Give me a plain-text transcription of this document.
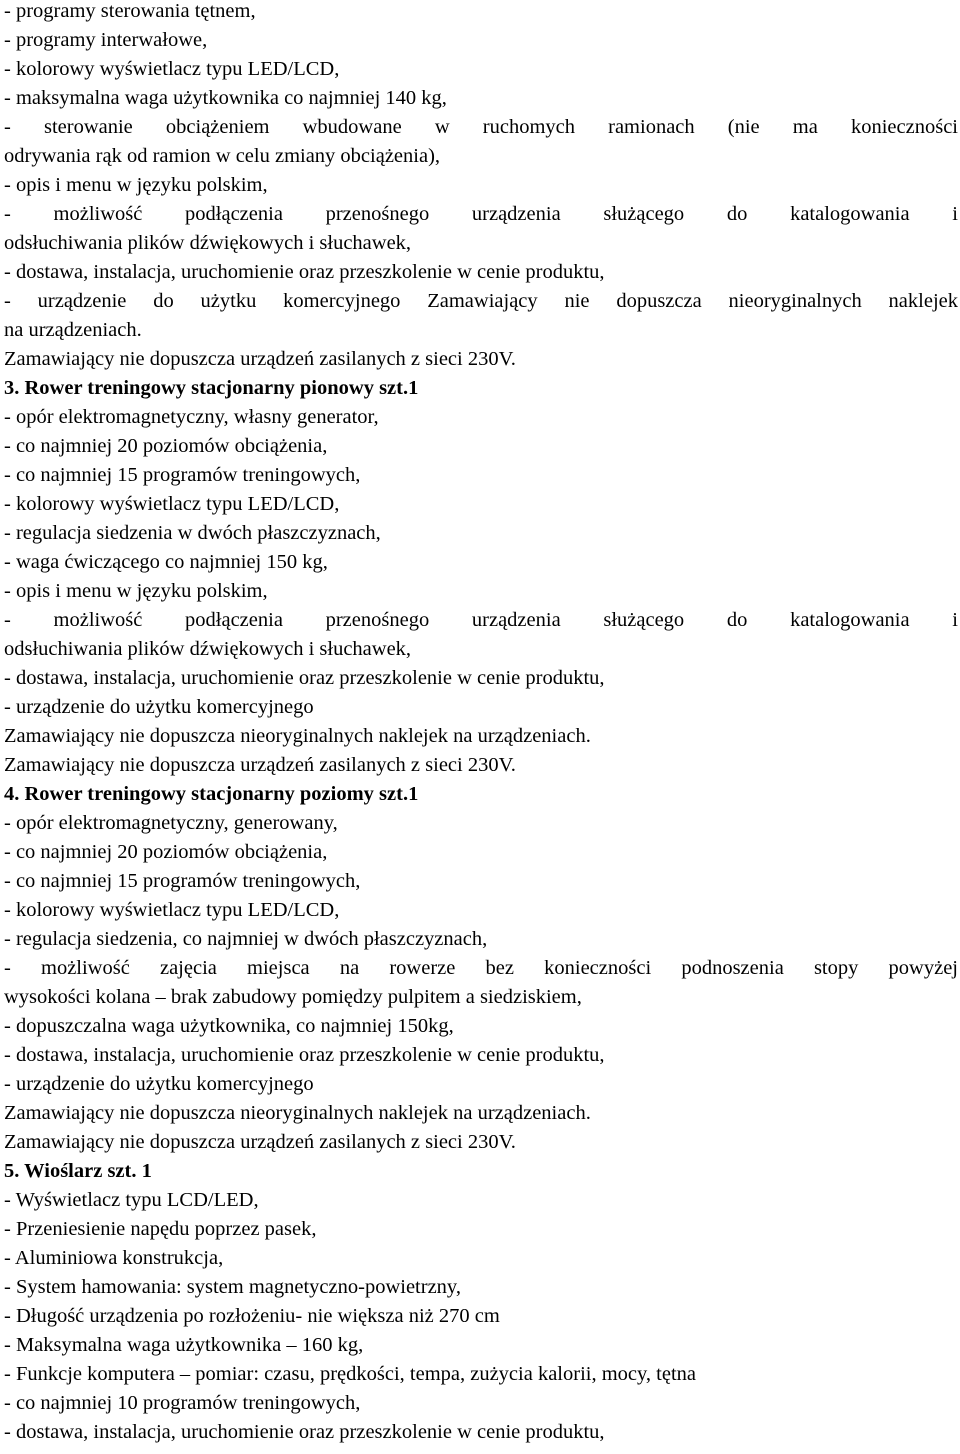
- programy sterowania tętnem,
- programy interwałowe,
- kolorowy wyświetlacz typu LED/LCD,
- maksymalna waga użytkownika co najmniej 140 kg,
- sterowanie obciążeniem wbudowane w ruchomych ramionach (nie ma konieczności
odrywania rąk od ramion w celu zmiany obciążenia),
- opis i menu w języku polskim,
- możliwość podłączenia przenośnego urządzenia służącego do katalogowania i
odsłuchiwania plików dźwiękowych i słuchawek,
- dostawa, instalacja, uruchomienie oraz przeszkolenie w cenie produktu,
- urządzenie do użytku komercyjnego Zamawiający nie dopuszcza nieoryginalnych naklejek
na urządzeniach.
Zamawiający nie dopuszcza urządzeń zasilanych z sieci 230V.
3. Rower treningowy stacjonarny pionowy szt.1
- opór elektromagnetyczny, własny generator,
- co najmniej 20 poziomów obciążenia,
- co najmniej 15 programów treningowych,
- kolorowy wyświetlacz typu LED/LCD,
- regulacja siedzenia w dwóch płaszczyznach,
- waga ćwiczącego co najmniej 150 kg,
- opis i menu w języku polskim,
- możliwość podłączenia przenośnego urządzenia służącego do katalogowania i
odsłuchiwania plików dźwiękowych i słuchawek,
- dostawa, instalacja, uruchomienie oraz przeszkolenie w cenie produktu,
- urządzenie do użytku komercyjnego
Zamawiający nie dopuszcza nieoryginalnych naklejek na urządzeniach.
Zamawiający nie dopuszcza urządzeń zasilanych z sieci 230V.
4. Rower treningowy stacjonarny poziomy szt.1
- opór elektromagnetyczny, generowany,
- co najmniej 20 poziomów obciążenia,
- co najmniej 15 programów treningowych,
- kolorowy wyświetlacz typu LED/LCD,
- regulacja siedzenia, co najmniej w dwóch płaszczyznach,
- możliwość zajęcia miejsca na rowerze bez konieczności podnoszenia stopy powyżej
wysokości kolana – brak zabudowy pomiędzy pulpitem a siedziskiem,
- dopuszczalna waga użytkownika, co najmniej 150kg,
- dostawa, instalacja, uruchomienie oraz przeszkolenie w cenie produktu,
- urządzenie do użytku komercyjnego
Zamawiający nie dopuszcza nieoryginalnych naklejek na urządzeniach.
Zamawiający nie dopuszcza urządzeń zasilanych z sieci 230V.
5. Wioślarz szt. 1
- Wyświetlacz typu LCD/LED,
- Przeniesienie napędu poprzez pasek,
- Aluminiowa konstrukcja,
- System hamowania: system magnetyczno-powietrzny,
- Długość urządzenia po rozłożeniu- nie większa niż 270 cm
- Maksymalna waga użytkownika – 160 kg,
- Funkcje komputera – pomiar: czasu, prędkości, tempa, zużycia kalorii, mocy, tętna
- co najmniej 10 programów treningowych,
- dostawa, instalacja, uruchomienie oraz przeszkolenie w cenie produktu,
